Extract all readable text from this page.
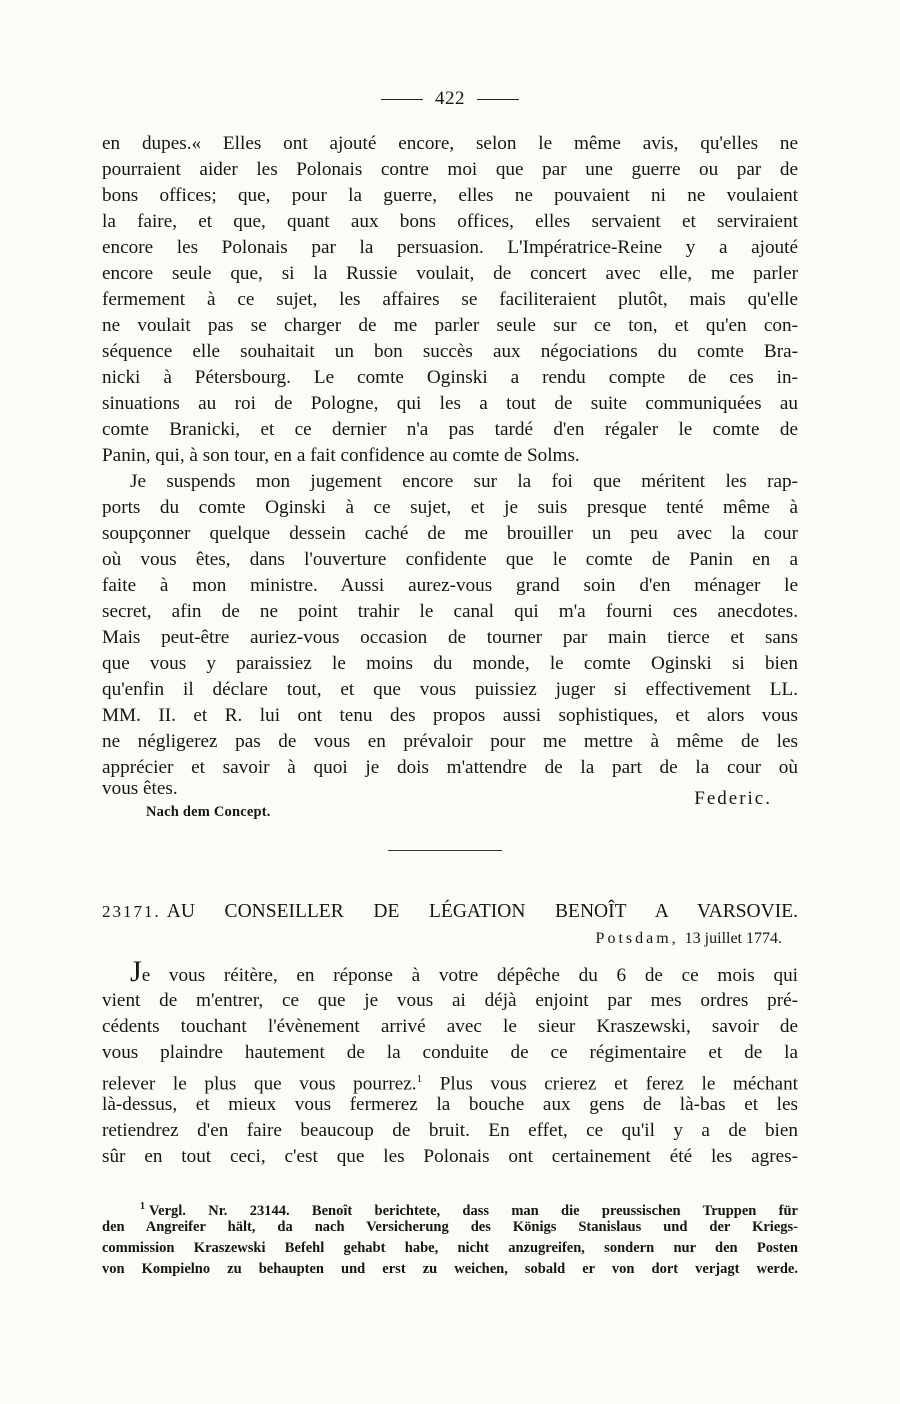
422
en dupes.« Elles ont ajouté encore, selon le même avis, qu'elles ne
pourraient aider les Polonais contre moi que par une guerre ou par de
bons offices; que, pour la guerre, elles ne pouvaient ni ne voulaient
la faire, et que, quant aux bons offices, elles servaient et serviraient
encore les Polonais par la persuasion. L'Impératrice-Reine y a ajouté
encore seule que, si la Russie voulait, de concert avec elle, me parler
fermement à ce sujet, les affaires se faciliteraient plutôt, mais qu'elle
ne voulait pas se charger de me parler seule sur ce ton, et qu'en con-
séquence elle souhaitait un bon succès aux négociations du comte Bra-
nicki à Pétersbourg. Le comte Oginski a rendu compte de ces in-
sinuations au roi de Pologne, qui les a tout de suite communiquées au
comte Branicki, et ce dernier n'a pas tardé d'en régaler le comte de
Panin, qui, à son tour, en a fait confidence au comte de Solms.
Je suspends mon jugement encore sur la foi que méritent les rap-
ports du comte Oginski à ce sujet, et je suis presque tenté même à
soupçonner quelque dessein caché de me brouiller un peu avec la cour
où vous êtes, dans l'ouverture confidente que le comte de Panin en a
faite à mon ministre. Aussi aurez-vous grand soin d'en ménager le
secret, afin de ne point trahir le canal qui m'a fourni ces anecdotes.
Mais peut-être auriez-vous occasion de tourner par main tierce et sans
que vous y paraissiez le moins du monde, le comte Oginski si bien
qu'enfin il déclare tout, et que vous puissiez juger si effectivement LL.
MM. II. et R. lui ont tenu des propos aussi sophistiques, et alors vous
ne négligerez pas de vous en prévaloir pour me mettre à même de les
apprécier et savoir à quoi je dois m'attendre de la part de la cour où
vous êtes.	Federic.
Nach dem Concept.
23171. AU CONSEILLER DE LÉGATION BENOÎT A VARSOVIE.
Potsdam, 13 juillet 1774.
Je vous réitère, en réponse à votre dépêche du 6 de ce mois qui
vient de m'entrer, ce que je vous ai déjà enjoint par mes ordres pré-
cédents touchant l'évènement arrivé avec le sieur Kraszewski, savoir de
vous plaindre hautement de la conduite de ce régimentaire et de la
relever le plus que vous pourrez.$^1$ Plus vous crierez et ferez le méchant
là-dessus, et mieux vous fermerez la bouche aux gens de là-bas et les
retiendrez d'en faire beaucoup de bruit. En effet, ce qu'il y a de bien
sûr en tout ceci, c'est que les Polonais ont certainement été les agres-
$^1$ Vergl. Nr. 23144. Benoît berichtete, dass man die preussischen Truppen für
den Angreifer hält, da nach Versicherung des Königs Stanislaus und der Kriegs-
commission Kraszewski Befehl gehabt habe, nicht anzugreifen, sondern nur den Posten
von Kompielno zu behaupten und erst zu weichen, sobald er von dort verjagt werde.
